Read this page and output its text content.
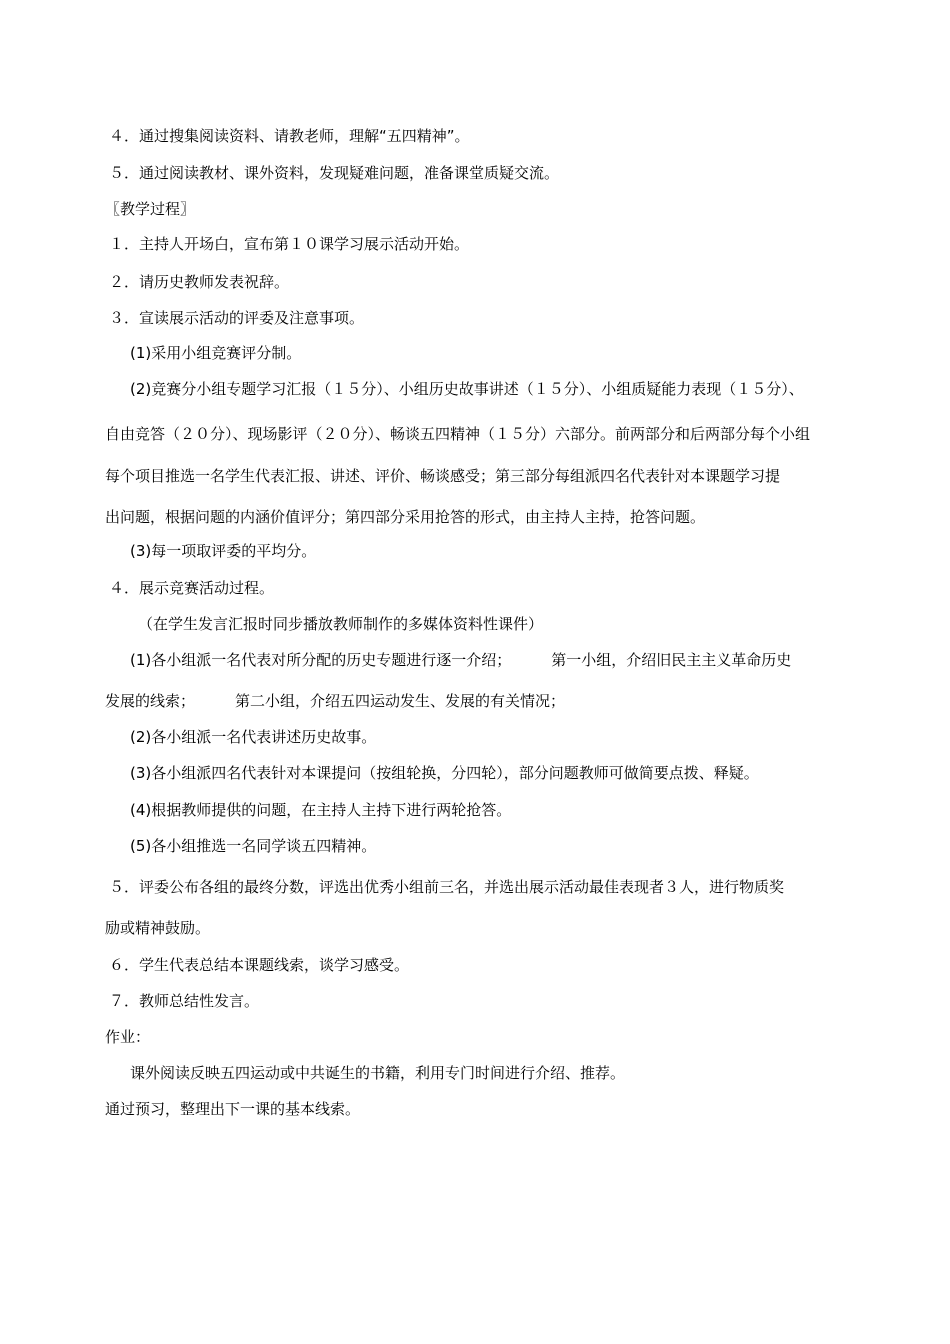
４．通过搜集阅读资料、请教老师，理解“五四精神”。
５．通过阅读教材、课外资料，发现疑难问题，准备课堂质疑交流。
〖教学过程〗
１．主持人开场白，宣布第１０课学习展示活动开始。
２．请历史教师发表祝辞。
３．宣读展示活动的评委及注意事项。
(1)采用小组竞赛评分制。
(2)竞赛分小组专题学习汇报（１５分）、小组历史故事讲述（１５分）、小组质疑能力表现（１５分）、
自由竞答（２０分）、现场影评（２０分）、畅谈五四精神（１５分）六部分。前两部分和后两部分每个小组
每个项目推选一名学生代表汇报、讲述、评价、畅谈感受；第三部分每组派四名代表针对本课题学习提
出问题，根据问题的内涵价值评分；第四部分采用抢答的形式，由主持人主持，抢答问题。
(3)每一项取评委的平均分。
４．展示竞赛活动过程。
（在学生发言汇报时同步播放教师制作的多媒体资料性课件）
(1)各小组派一名代表对所分配的历史专题进行逐一介绍；	第一小组，介绍旧民主主义革命历史
发展的线索；	第二小组，介绍五四运动发生、发展的有关情况；
(2)各小组派一名代表讲述历史故事。
(3)各小组派四名代表针对本课提问（按组轮换，分四轮），部分问题教师可做简要点拨、释疑。
(4)根据教师提供的问题，在主持人主持下进行两轮抢答。
(5)各小组推选一名同学谈五四精神。
５．评委公布各组的最终分数，评选出优秀小组前三名，并选出展示活动最佳表现者３人，进行物质奖
励或精神鼓励。
６．学生代表总结本课题线索，谈学习感受。
７．教师总结性发言。
作业：
课外阅读反映五四运动或中共诞生的书籍，利用专门时间进行介绍、推荐。
通过预习，整理出下一课的基本线索。
